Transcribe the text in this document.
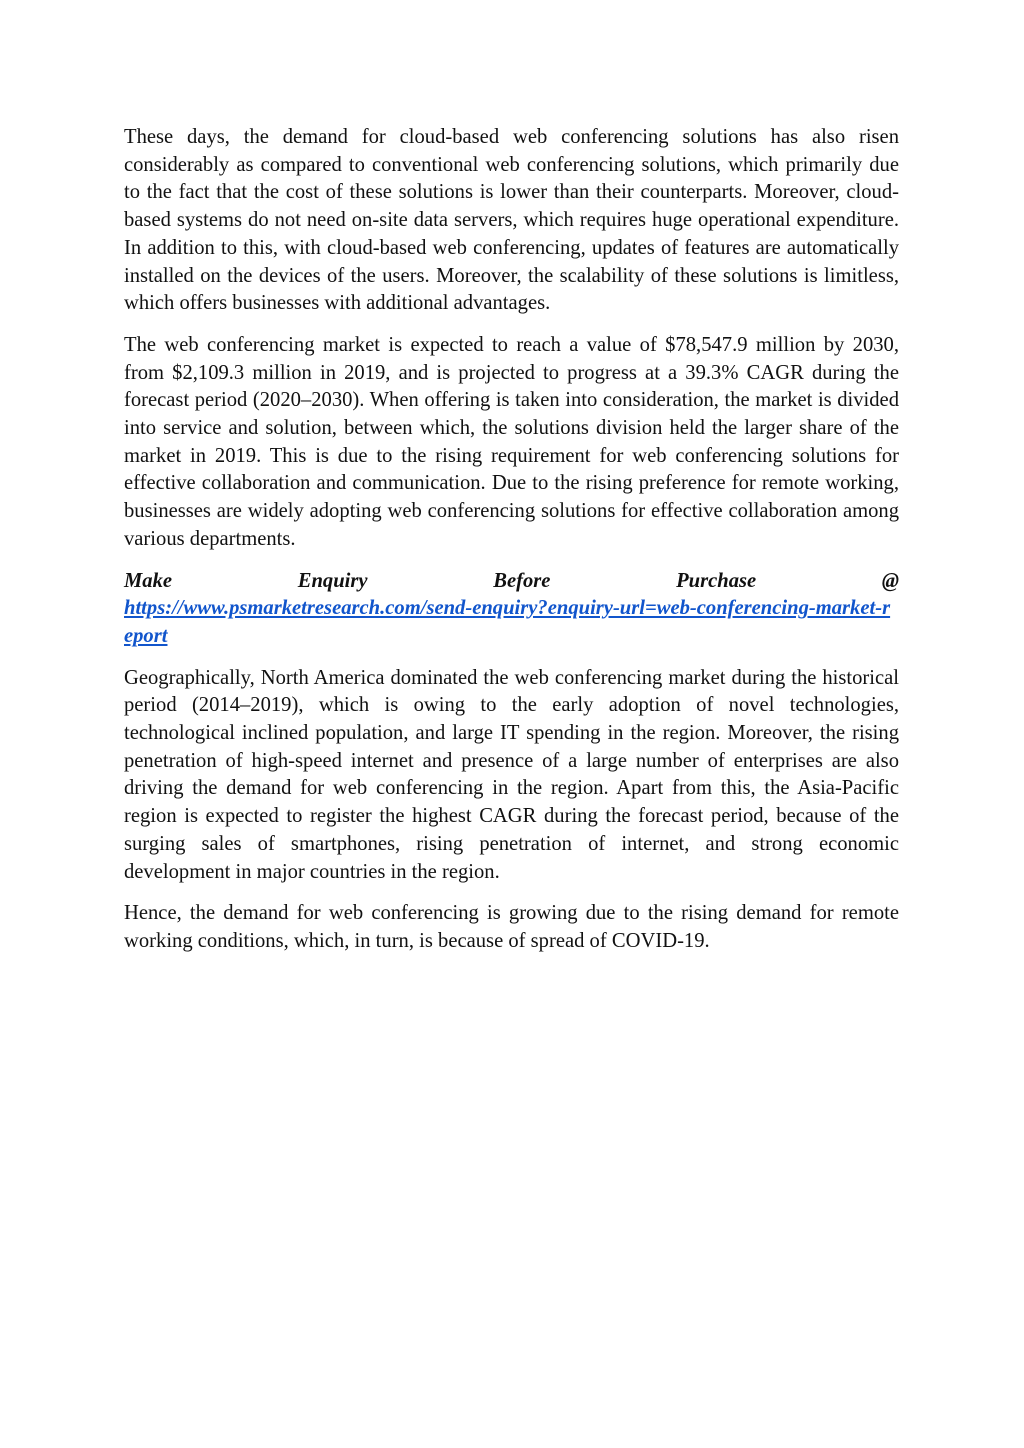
These days, the demand for cloud-based web conferencing solutions has also risen considerably as compared to conventional web conferencing solutions, which primarily due to the fact that the cost of these solutions is lower than their counterparts. Moreover, cloud-based systems do not need on-site data servers, which requires huge operational expenditure. In addition to this, with cloud-based web conferencing, updates of features are automatically installed on the devices of the users. Moreover, the scalability of these solutions is limitless, which offers businesses with additional advantages.

The web conferencing market is expected to reach a value of $78,547.9 million by 2030, from $2,109.3 million in 2019, and is projected to progress at a 39.3% CAGR during the forecast period (2020–2030). When offering is taken into consideration, the market is divided into service and solution, between which, the solutions division held the larger share of the market in 2019. This is due to the rising requirement for web conferencing solutions for effective collaboration and communication. Due to the rising preference for remote working, businesses are widely adopting web conferencing solutions for effective collaboration among various departments.

Make	Enquiry	Before	Purchase	@
https://www.psmarketresearch.com/send-enquiry?enquiry-url=web-conferencing-market-report

Geographically, North America dominated the web conferencing market during the historical period (2014–2019), which is owing to the early adoption of novel technologies, technological inclined population, and large IT spending in the region. Moreover, the rising penetration of high-speed internet and presence of a large number of enterprises are also driving the demand for web conferencing in the region. Apart from this, the Asia-Pacific region is expected to register the highest CAGR during the forecast period, because of the surging sales of smartphones, rising penetration of internet, and strong economic development in major countries in the region.

Hence, the demand for web conferencing is growing due to the rising demand for remote working conditions, which, in turn, is because of spread of COVID-19.
